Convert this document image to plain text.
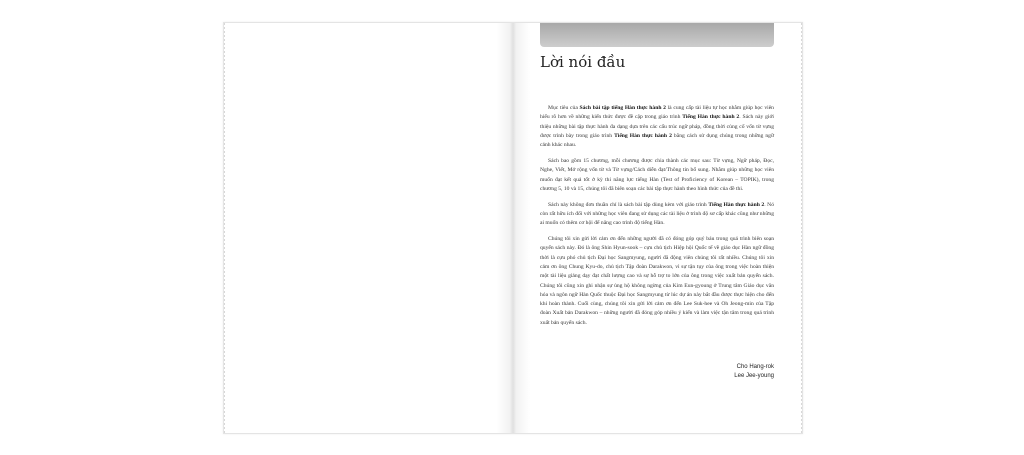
Lời nói đầu

Mục tiêu của Sách bài tập tiếng Hàn thực hành 2 là cung cấp tài liệu tự học nhằm giúp học viên hiểu rõ hơn về những kiến thức được đề cập trong giáo trình Tiếng Hàn thực hành 2. Sách này giới thiệu những bài tập thực hành đa dạng dựa trên các cấu trúc ngữ pháp, đồng thời củng cố vốn từ vựng được trình bày trong giáo trình Tiếng Hàn thực hành 2 bằng cách sử dụng chúng trong những ngữ cảnh khác nhau.

Sách bao gồm 15 chương, mỗi chương được chia thành các mục sau: Từ vựng, Ngữ pháp, Đọc, Nghe, Viết, Mở rộng vốn từ và Từ vựng/Cách diễn đạt/Thông tin bổ sung. Nhằm giúp những học viên muốn đạt kết quả tốt ở kỳ thi năng lực tiếng Hàn (Test of Proficiency of Korean – TOPIK), trong chương 5, 10 và 15, chúng tôi đã biên soạn các bài tập thực hành theo hình thức của đề thi.

Sách này không đơn thuần chỉ là sách bài tập dùng kèm với giáo trình Tiếng Hàn thực hành 2. Nó còn rất hữu ích đối với những học viên đang sử dụng các tài liệu ở trình độ sơ cấp khác cũng như những ai muốn có thêm cơ hội để nâng cao trình độ tiếng Hàn.

Chúng tôi xin gửi lời cảm ơn đến những người đã có đóng góp quý báu trong quá trình biên soạn quyển sách này. Đó là ông Shin Hyun-sook – cựu chủ tịch Hiệp hội Quốc tế về giáo dục Hàn ngữ đồng thời là cựu phó chủ tịch Đại học Sangmyung, người đã động viên chúng tôi rất nhiều. Chúng tôi xin cảm ơn ông Chung Kyu-do, chủ tịch Tập đoàn Darakwon, vì sự tận tụy của ông trong việc hoàn thiện một tài liệu giảng dạy đạt chất lượng cao và sự hỗ trợ to lớn của ông trong việc xuất bản quyển sách. Chúng tôi cũng xin ghi nhận sự ủng hộ không ngừng của Kim Eun-gyoung ở Trung tâm Giáo dục văn hóa và ngôn ngữ Hàn Quốc thuộc Đại học Sangmyung từ lúc dự án này bắt đầu được thực hiện cho đến khi hoàn thành. Cuối cùng, chúng tôi xin gửi lời cảm ơn đến Lee Suk-hee và Oh Jeong-min của Tập đoàn Xuất bản Darakwon – những người đã đóng góp nhiều ý kiến và làm việc tận tâm trong quá trình xuất bản quyển sách.

Cho Hang-rok
Lee Jee-young
